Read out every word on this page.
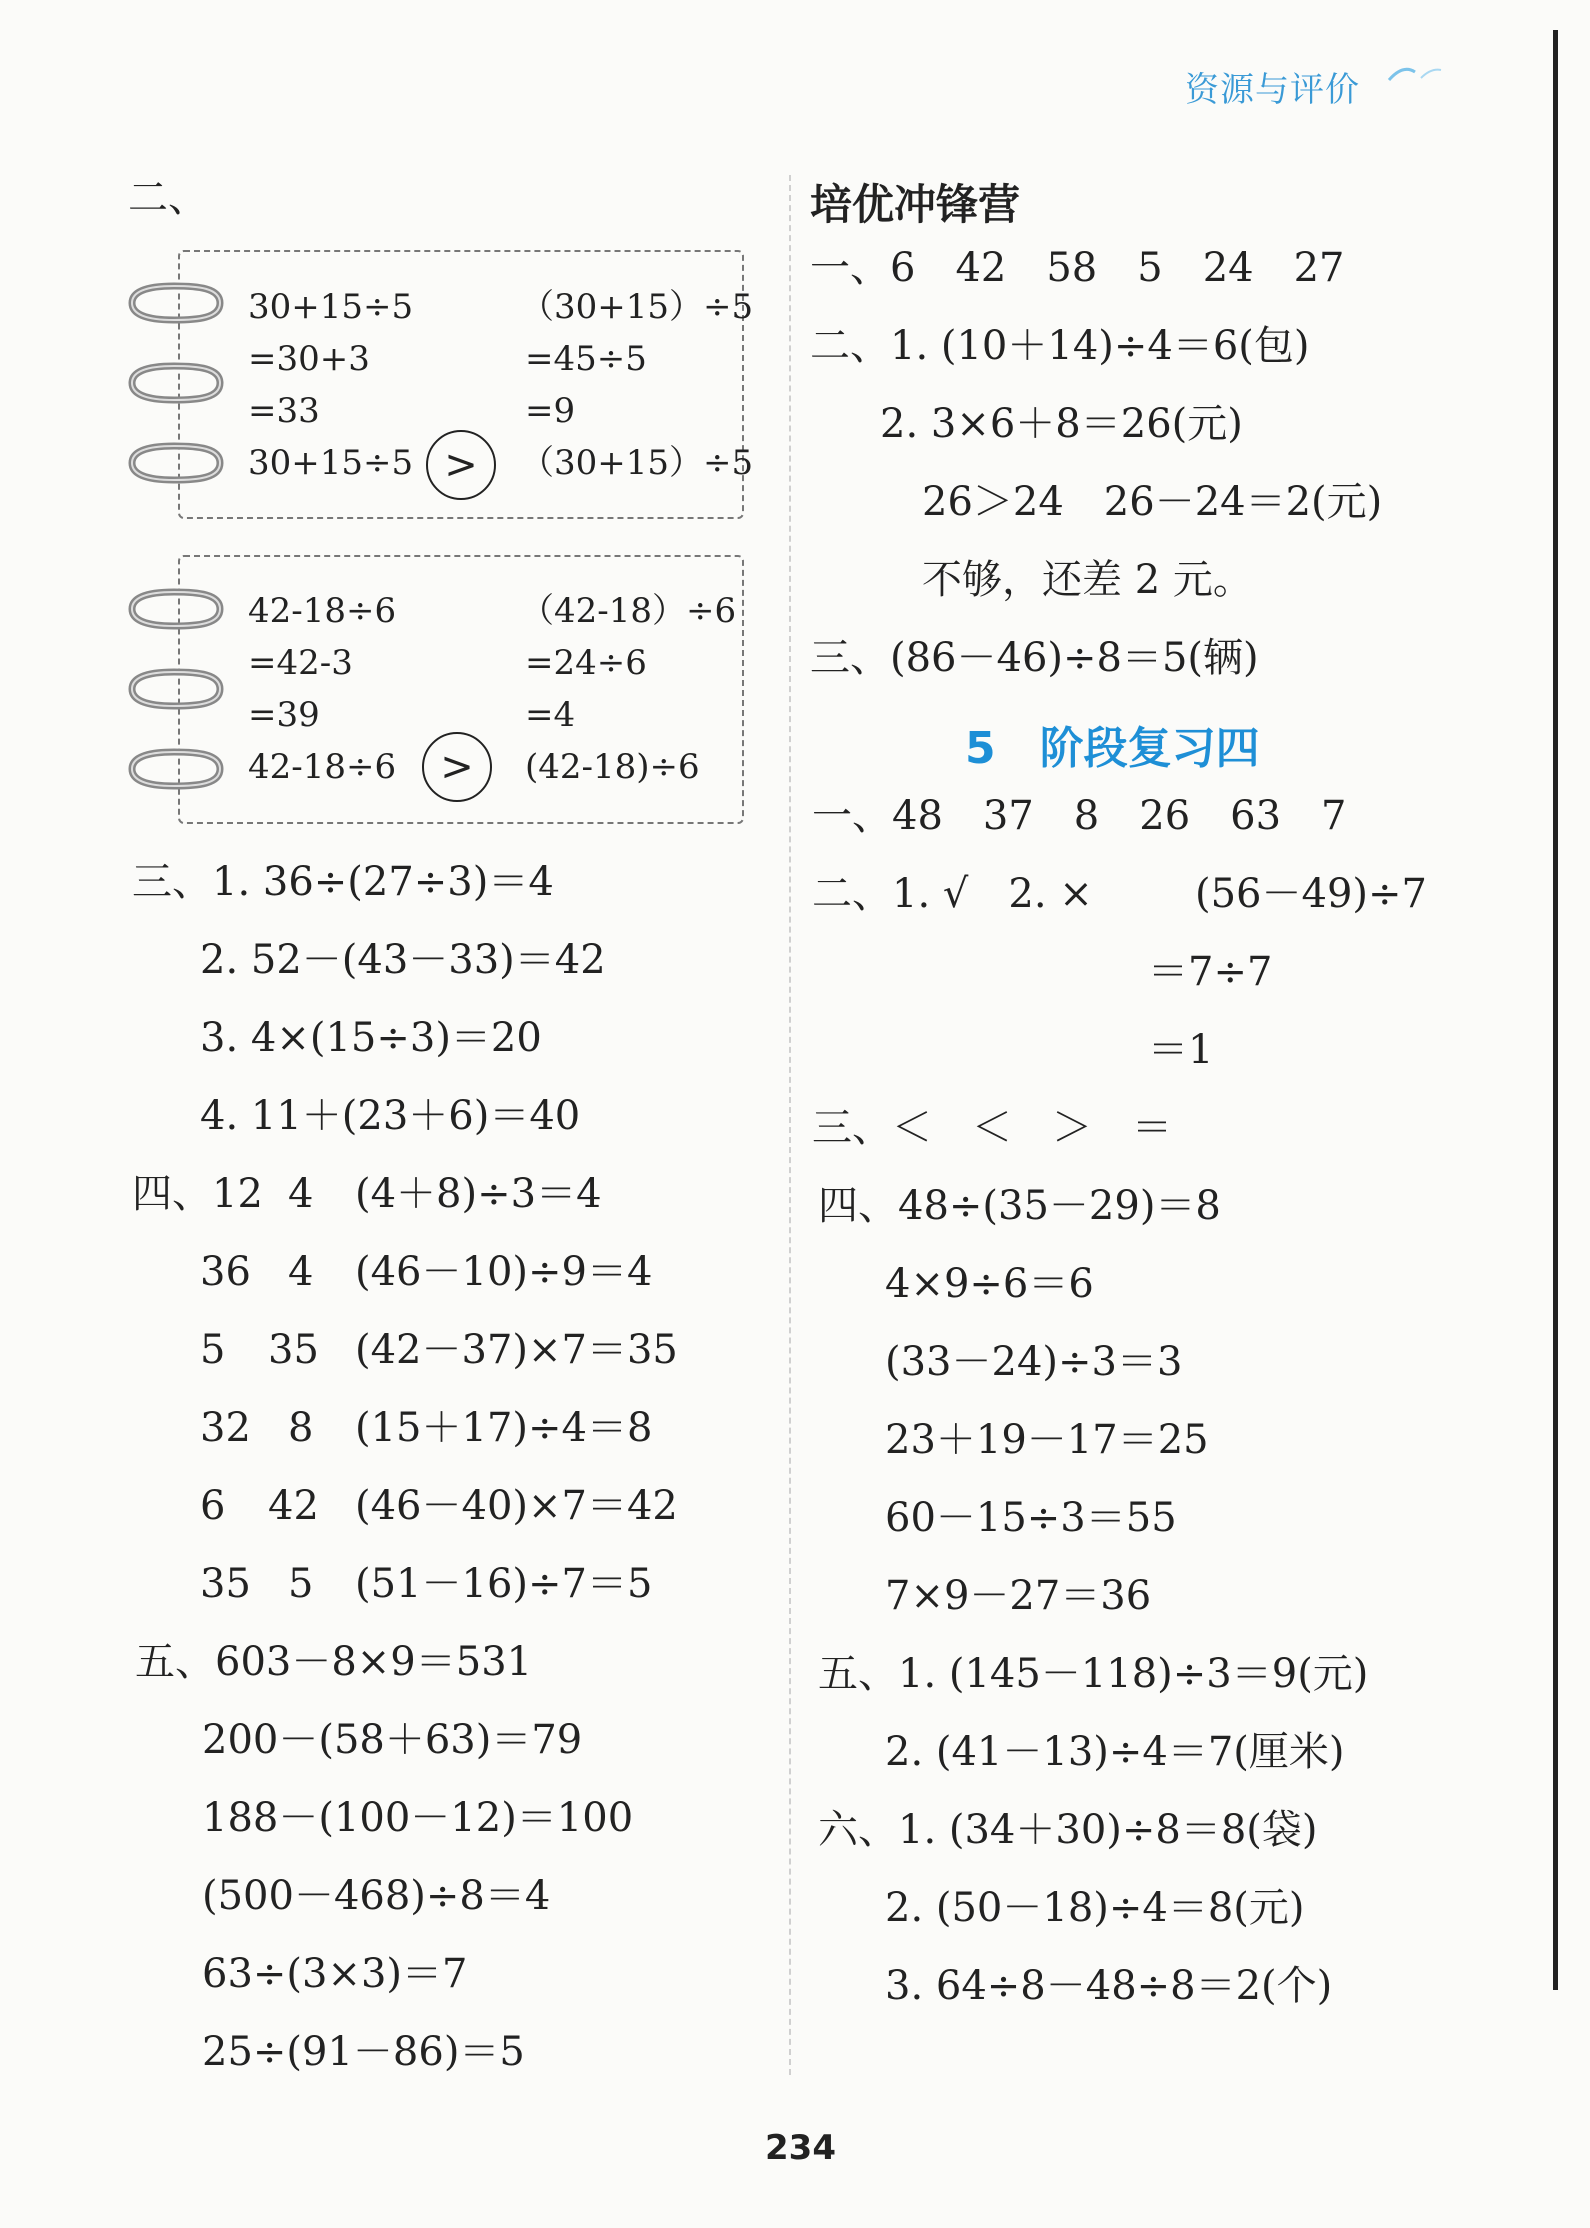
资源与评价
二、
30+15÷5	（30+15）÷5
=30+3	=45÷5
=33	=9
30+15÷5 >	（30+15）÷5
42-18÷6	（42-18）÷6
=42-3	=24÷6
=39	=4
42-18÷6	>	(42-18)÷6
三、1. 36÷(27÷3)＝4
2. 52－(43－33)＝42
3. 4×(15÷3)＝20
4. 11＋(23＋6)＝40
四、12 4 (4＋8)÷3＝4
36 4 (46－10)÷9＝4
5 35 (42－37)×7＝35
32 8 (15＋17)÷4＝8
6 42 (46－40)×7＝42
35 5 (51－16)÷7＝5
五、603－8×9＝531
200－(58＋63)＝79
188－(100－12)＝100
(500－468)÷8＝4
63÷(3×3)＝7
25÷(91－86)＝5
培优冲锋营
一、6　42　58　5　24　27
二、1. (10＋14)÷4＝6(包)
2. 3×6＋8＝26(元)
26＞24　26－24＝2(元)
不够，还差 2 元。
三、(86－46)÷8＝5(辆)
5　阶段复习四
一、48　37　8　26　63　7
二、1. √　2. ×	(56－49)÷7
＝7÷7
＝1
三、＜　＜　＞　＝
四、48÷(35－29)＝8
4×9÷6＝6
(33－24)÷3＝3
23＋19－17＝25
60－15÷3＝55
7×9－27＝36
五、1. (145－118)÷3＝9(元)
2. (41－13)÷4＝7(厘米)
六、1. (34＋30)÷8＝8(袋)
2. (50－18)÷4＝8(元)
3. 64÷8－48÷8＝2(个)
234
